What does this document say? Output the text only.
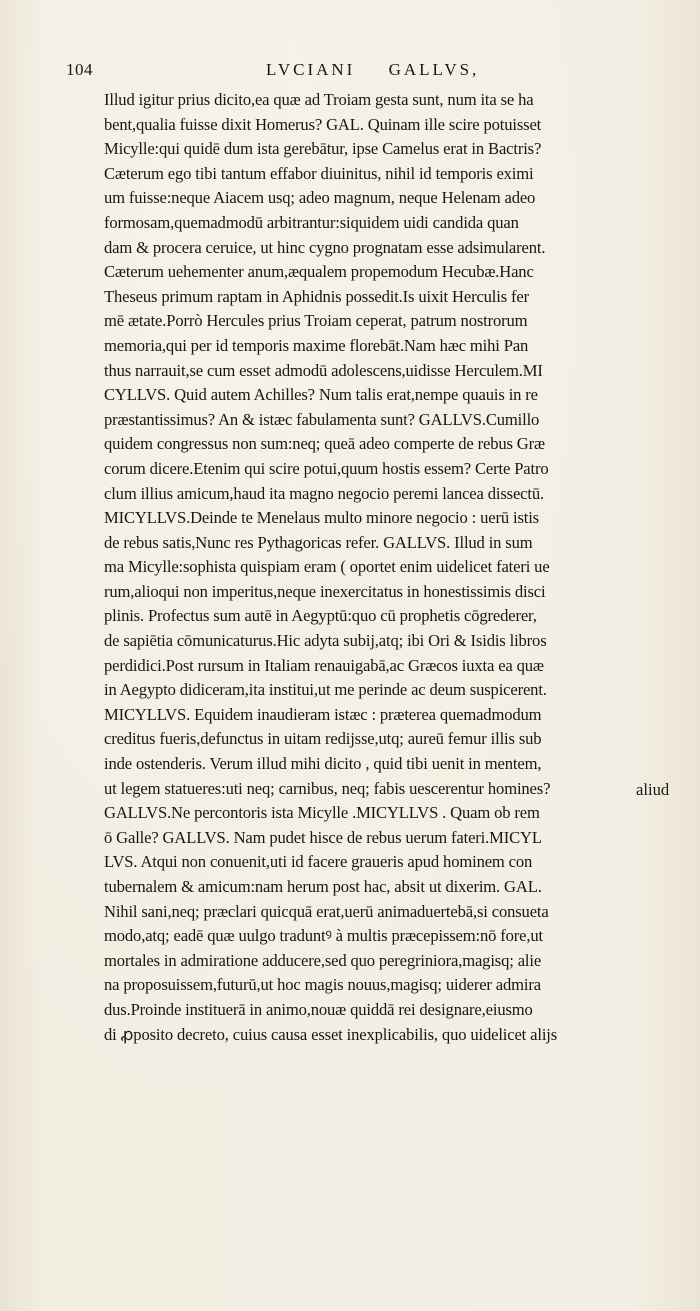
104	LVCIANI GALLVS,
Illud igitur prius dicito,ea quæ ad Troiam gesta sunt, num ita se ha
bent,qualia fuisse dixit Homerus? GAL. Quinam ille scire potuisset
Micylle:qui quidē dum ista gerebātur, ipse Camelus erat in Bactris?
Cæterum ego tibi tantum effabor diuinitus, nihil id temporis eximi
um fuisse:neque Aiacem usq; adeo magnum, neque Helenam adeo
formosam,quemadmodū arbitrantur:siquidem uidi candida quan
dam & procera ceruice, ut hinc cygno prognatam esse adsimularent.
Cæterum uehementer anum,æqualem propemodum Hecubæ.Hanc
Theseus primum raptam in Aphidnis possedit.Is uixit Herculis fer
mē ætate.Porrò Hercules prius Troiam ceperat, patrum nostrorum
memoria,qui per id temporis maxime florebāt.Nam hæc mihi Pan
thus narrauit,se cum esset admodū adolescens,uidisse Herculem.MI
CYLLVS. Quid autem Achilles? Num talis erat,nempe quauis in re
præstantissimus? An & istæc fabulamenta sunt? GALLVS.Cumillo
quidem congressus non sum:neq; queā adeo comperte de rebus Græ
corum dicere.Etenim qui scire potui,quum hostis essem? Certe Patro
clum illius amicum,haud ita magno negocio peremi lancea dissectū.
MICYLLVS.Deinde te Menelaus multo minore negocio : uerū istis
de rebus satis,Nunc res Pythagoricas refer. GALLVS. Illud in sum
ma Micylle:sophista quispiam eram ( oportet enim uidelicet fateri ue
rum,alioqui non imperitus,neque inexercitatus in honestissimis disci
plinis. Profectus sum autē in Aegyptū:quo cū prophetis cōgrederer,
de sapiētia cōmunicaturus.Hic adyta subij,atq; ibi Ori & Isidis libros
perdidici.Post rursum in Italiam renauigabā,ac Græcos iuxta ea quæ
in Aegypto didiceram,ita institui,ut me perinde ac deum suspicerent.
MICYLLVS. Equidem inaudieram istæc : præterea quemadmodum
creditus fueris,defunctus in uitam redijsse,utq; aureū femur illis sub
inde ostenderis. Verum illud mihi dicito , quid tibi uenit in mentem,
ut legem statueres:uti neq; carnibus, neq; fabis uescerentur homines?
GALLVS.Ne percontoris ista Micylle .MICYLLVS . Quam ob rem
ō Galle? GALLVS. Nam pudet hisce de rebus uerum fateri.MICYL
LVS. Atqui non conuenit,uti id facere graueris apud hominem con
tubernalem & amicum:nam herum post hac, absit ut dixerim. GAL.
Nihil sani,neq; præclari quicquā erat,uerū animaduertebā,si consueta
modo,atq; eadē quæ uulgo traduntꝰ à multis præcepissem:nō fore,ut
mortales in admiratione adducere,sed quo peregriniora,magisq; alie
na proposuissem,futurū,ut hoc magis nouus,magisq; uiderer admira
dus.Proinde instituerā in animo,nouæ quiddā rei designare,eiusmo
di ꝓposito decreto, cuius causa esset inexplicabilis, quo uidelicet alijs
aliud
